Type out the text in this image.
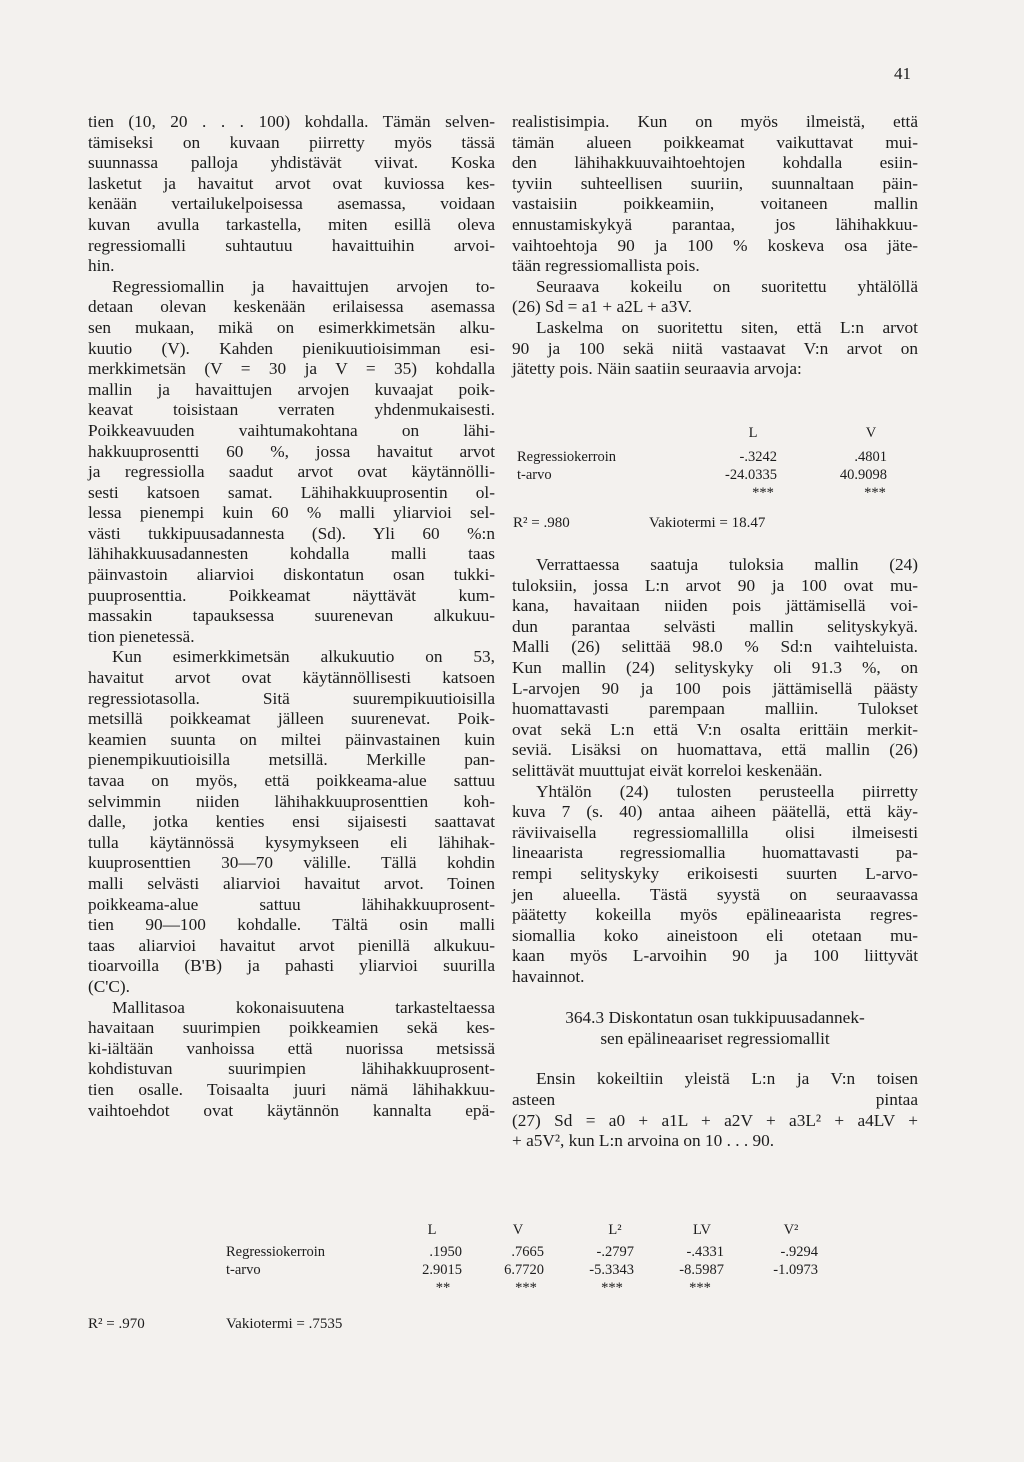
41
tien (10, 20 . . . 100) kohdalla. Tämän selven-
tämiseksi on kuvaan piirretty myös tässä
suunnassa palloja yhdistävät viivat. Koska
lasketut ja havaitut arvot ovat kuviossa kes-
kenään vertailukelpoisessa asemassa, voidaan
kuvan avulla tarkastella, miten esillä oleva
regressiomalli suhtautuu havaittuihin arvoi-
hin.
Regressiomallin ja havaittujen arvojen to-
detaan olevan keskenään erilaisessa asemassa
sen mukaan, mikä on esimerkkimetsän alku-
kuutio (V). Kahden pienikuutioisimman esi-
merkkimetsän (V = 30 ja V = 35) kohdalla
mallin ja havaittujen arvojen kuvaajat poik-
keavat toisistaan verraten yhdenmukaisesti.
Poikkeavuuden vaihtumakohtana on lähi-
hakkuuprosentti 60 %, jossa havaitut arvot
ja regressiolla saadut arvot ovat käytännölli-
sesti katsoen samat. Lähihakkuuprosentin ol-
lessa pienempi kuin 60 % malli yliarvioi sel-
västi tukkipuusadannesta (Sd). Yli 60 %:n
lähihakkuusadannesten kohdalla malli taas
päinvastoin aliarvioi diskontatun osan tukki-
puuprosenttia. Poikkeamat näyttävät kum-
massakin tapauksessa suurenevan alkukuu-
tion pienetessä.
Kun esimerkkimetsän alkukuutio on 53,
havaitut arvot ovat käytännöllisesti katsoen
regressiotasolla. Sitä suurempikuutioisilla
metsillä poikkeamat jälleen suurenevat. Poik-
keamien suunta on miltei päinvastainen kuin
pienempikuutioisilla metsillä. Merkille pan-
tavaa on myös, että poikkeama-alue sattuu
selvimmin niiden lähihakkuuprosenttien koh-
dalle, jotka kenties ensi sijaisesti saattavat
tulla käytännössä kysymykseen eli lähihak-
kuuprosenttien 30—70 välille. Tällä kohdin
malli selvästi aliarvioi havaitut arvot. Toinen
poikkeama-alue sattuu lähihakkuuprosent-
tien 90—100 kohdalle. Tältä osin malli
taas aliarvioi havaitut arvot pienillä alkukuu-
tioarvoilla (B'B) ja pahasti yliarvioi suurilla
(C'C).
Mallitasoa kokonaisuutena tarkasteltaessa
havaitaan suurimpien poikkeamien sekä kes-
ki-iältään vanhoissa että nuorissa metsissä
kohdistuvan suurimpien lähihakkuuprosent-
tien osalle. Toisaalta juuri nämä lähihakkuu-
vaihtoehdot ovat käytännön kannalta epä-
realistisimpia. Kun on myös ilmeistä, että
tämän alueen poikkeamat vaikuttavat mui-
den lähihakkuuvaihtoehtojen kohdalla esiin-
tyviin suhteellisen suuriin, suunnaltaan päin-
vastaisiin poikkeamiin, voitaneen mallin
ennustamiskykyä parantaa, jos lähihakkuu-
vaihtoehtoja 90 ja 100 % koskeva osa jäte-
tään regressiomallista pois.
Seuraava kokeilu on suoritettu yhtälöllä
(26) Sd = a1 + a2L + a3V.
Laskelma on suoritettu siten, että L:n arvot
90 ja 100 sekä niitä vastaavat V:n arvot on
jätetty pois. Näin saatiin seuraavia arvoja:
L	V
Regressiokerroin	-.3242	.4801
t-arvo	-24.0335	40.9098
***	***
R² = .980	Vakiotermi = 18.47
Verrattaessa saatuja tuloksia mallin (24)
tuloksiin, jossa L:n arvot 90 ja 100 ovat mu-
kana, havaitaan niiden pois jättämisellä voi-
dun parantaa selvästi mallin selityskykyä.
Malli (26) selittää 98.0 % Sd:n vaihteluista.
Kun mallin (24) selityskyky oli 91.3 %, on
L-arvojen 90 ja 100 pois jättämisellä päästy
huomattavasti parempaan malliin. Tulokset
ovat sekä L:n että V:n osalta erittäin merkit-
seviä. Lisäksi on huomattava, että mallin (26)
selittävät muuttujat eivät korreloi keskenään.
Yhtälön (24) tulosten perusteella piirretty
kuva 7 (s. 40) antaa aiheen päätellä, että käy-
räviivaisella regressiomallilla olisi ilmeisesti
lineaarista regressiomallia huomattavasti pa-
rempi selityskyky erikoisesti suurten L-arvo-
jen alueella. Tästä syystä on seuraavassa
päätetty kokeilla myös epälineaarista regres-
siomallia koko aineistoon eli otetaan mu-
kaan myös L-arvoihin 90 ja 100 liittyvät
havainnot.
364.3 Diskontatun osan tukkipuusadannek-
sen epälineaariset regressiomallit
Ensin kokeiltiin yleistä L:n ja V:n toisen
asteen pintaa
(27) Sd = a0 + a1L + a2V + a3L² + a4LV +
+ a5V², kun L:n arvoina on 10 . . . 90.
L	V	L²	LV	V²
Regressiokerroin	.1950	.7665	-.2797	-.4331	-.9294
t-arvo	2.9015	6.7720	-5.3343	-8.5987	-1.0973
**	***	***	***
R² = .970	Vakiotermi = .7535
